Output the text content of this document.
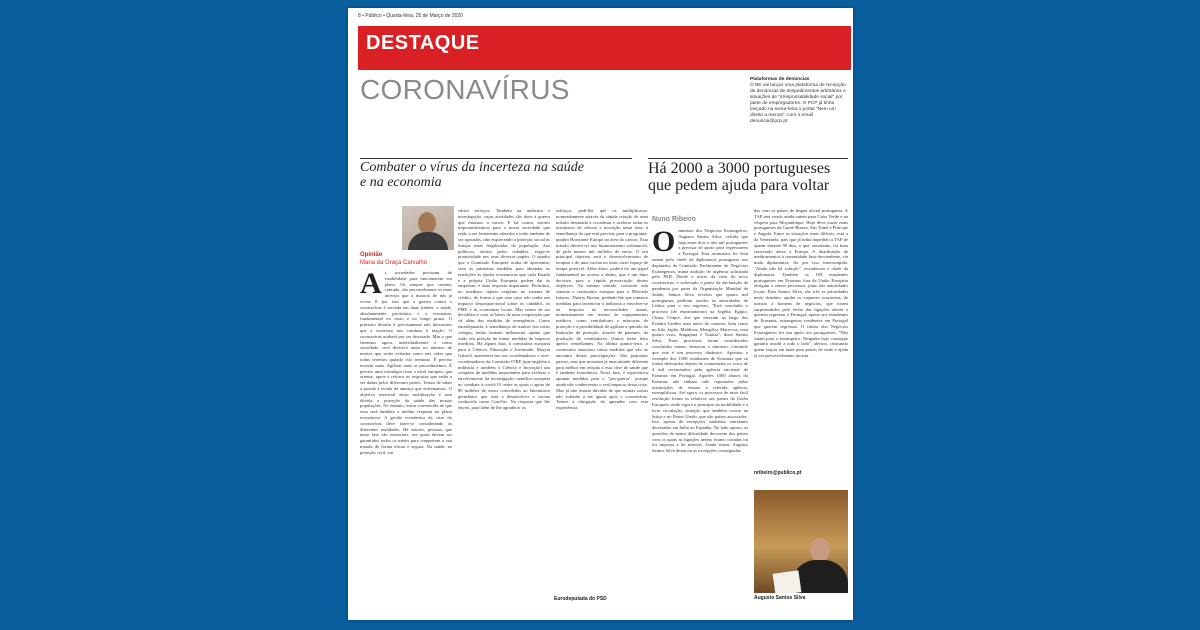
8 • Público • Quarta-feira, 25 de Março de 2020
DESTAQUE
CORONAVÍRUS	Plataformas de denúncias
O BE vai lançar uma plataforma de recepção de denúncias de despedimentos arbitrários e situações de "irresponsabilidade social" por parte de empregadores. O PCP já tinha lançado na sexta-feira o portal "Nem um direito a menos", com o email denuncia@pcp.pt
Combater o vírus da incerteza na saúde e na economia
Há 2000 a 3000 portugueses que pedem ajuda para voltar
Opinião
Maria da Graça Carvalho
As sociedades precisam de estabilidade para funcionarem em pleno. Os tempos que correm, contudo, são provavelmente os mais incertos que a maioria de nós já viveu. E por isso que a guerra contra o coronavírus é travada em duas frentes: a saúde, absolutamente prioritária, e a economia, fundamental no curto e no longo prazo. O primeiro desafio é precisamente não deixarmos que a incerteza nos conduza à inação. O coronavírus acabará por ser derrotado. Mas o que fizermos agora, individualmente e como sociedade, será decisivo tanto no número de mortes que serão evitadas como nas vidas que todos teremos quando isto terminar. É preciso investir mais. Agilizar mais os procedimentos. É preciso uma estratégia clara a nível europeu, que oriente, apoie e reforce as respostas que estão a ser dadas pelos diferentes países. Temos de saber a parada à escala da ameaça que enfrentamos. O objetivo essencial desta mobilização é sem dúvida a proteção da saúde das nossas populações. No entanto, estou convencida de que essa será também a melhor resposta no plano económico. A gestão económica da crise do coronavírus deve fazer-se considerando as diferentes realidades. Há setores, pessoas, que neste fase são essenciais, aos quais devem ser garantidos todos os meios para cumprirem a sua missão de forma eficaz e segura. Na saúde, na proteção civil, em
vários serviços. Também na indústria e investigação, cujas atividades são úteis à guerra que estamos a travar. E há outros setores importantíssimos para a nossa sociedade que estão a ser fortemente afetados e terão também de ser apoiados, não esquecendo a proteção social às franjas mais fragilizadas da população. Aos políticos, eleitos pelos cidadãos, exige-se proatividade nos seus diversos papéis. O quadro que a Comissão Europeia acaba de apresentar, com as primeiras medidas para abrandar as restrições às ajudas económicas que cada Estado e a própria União Europeia podem dar às empresas, é uma resposta importante. Permitirá, no imediato, injetar oxigénio no sistema de crédito, de forma a que esta crise não tenha um impacto desproporcional sobre os cidadãos, às PME e às economias locais. Mas temos de ser decididos e criar as bases de uma cooperação que vá além das medidas de emergência. Como eurodeputada, à semelhança de muitos dos meus colegas, tenho tentado influenciar ajudas que estão em posição de tomar medidas de impacto imediato. Há alguns dias, à comissária europeia para a Ciência, Educação e Juventude, Maryia Gabriel, apresentei-me aos coordenadores e vice-coordenadores da Comissão ITRE (que engloba a indústria e também a Ciência e Inovação) um conjunto de medidas importantes para acelerar o envolvimento da investigação científica europeia no combate à covid-19, entre as quais o apoio de 80 milhões de euros concedidos ao laboratório germânico que está a desenvolver a vacina conhecida como CureVac. Na resposta que lhe enviei, para além de lhe agradecer os
esforços, pedi-lhe que os multiplicasse, nomeadamente através da rápida criação de uma missão destinada a coordenar e acelerar todas as iniciativas de ciência e inovação nesta área, à semelhança do que está previsto para o programa-quadro Horizonte Europa na área do cancro. Esta missão deverá ter um financiamento substancial, de pelo menos mil milhões de euros. O seu principal objetivo será o desenvolvimento de terapias e de uma vacina no mais curto espaço de tempo possível. Além disso, poderá ter um papel fundamental no acesso a dados, que é um fator decisivo para a rápida prossecução destes objetivos. No mesmo sentido, contactei esta semana o comissário europeu para o Mercado Interno, Thierry Breton, pedindo-lhe que tomasse medidas para incentivar a indústria a envolver-se na resposta às necessidades atuais, nomeadamente em termos de equipamentos médicos, como ventiladores e máscaras de proteção e a possibilidade de agilizar a questão da limitação da proteção, através de patentes, da produção de ventiladores. Outros terão feito apelos semelhantes. Na última quinta-feira, o comissário anunciou várias medidas que vão ao encontro destas preocupações. São pequenos passos, mas que mostram já uma atitude diferente para melhor em relação a esta crise de saúde que é também económica. Nesta fase, é expectativa apontar medidas para o "pós-guerra", porque ainda não conhecemos o real impacto desta crise. Mas já não restam dúvidas de que muitas coisas não voltarão a ser iguais após o coronavírus. Temos a obrigação de aprender com esta experiência.
Eurodeputada do PSD
Nuno Ribeiro
Oministro dos Negócios Estrangeiros, Augusto Santos Silva, calcula que haja entre dois e três mil portugueses a precisar de apoio para regressarem a Portugal. Esta estimativa foi feita ontem pelo chefe da diplomacia portuguesa aos deputados da Comissão Parlamentar de Negócios Estrangeiros, numa audição de urgência solicitada pelo PSD. Desde o início da crise do novo coronavírus, e sobretudo a partir da declaração de pandemia por parte da Organização Mundial de Saúde, Santos Silva revelou que quatro mil portugueses pediram auxílio às autoridades de Lisboa para o seu regresso. "Está concluído o processo (de repatriamento) na Argélia, Egipto, China, Chipre, dos que estavam ao largo dos Estados Unidos num navio de cruzeiro, bem como no Irão, Japão, Maldivas, Mongólia, Marrocos, com quatro voos, Singapura e Tunísia", disse Santos Silva. Estes processos foram considerados concluídos ontem, destacou o ministro, vincando que este é um processo dinâmico. Apontou o exemplo dos 1500 estudantes de Erasmus que só foram detectados depois de contactados os cerca de 4 mil recenseados pela agência nacional de Erasmus em Portugal. Aqueles 1000 alunos do Erasmus não tinham sido reportados pelas instituições de ensino à referida agência, exemplificou. Até agora, os processos de mais fácil resolução foram os relativos aos países da União Europeia, onde vigora o princípio da mobilidade e a livre circulação, situação que também ocorre na Suíça e no Reino Unido, que são países associados. Isto, apesar de excepções sanitárias entretanto decretadas em Itália ou Espanha. No lado oposto, as questões de maior dificuldade decorrem dos países com os quais as ligações aéreas foram cortadas ou foi imposta a lei marcial. Ainda assim, Augusto Santos Silva destacou as excepções conseguidas
das com os países de língua oficial portuguesa. A TAP terá voado ainda ontem para Cabo Verde e na véspera para Moçambique. Hoje deve trazer mais portugueses da Guiné-Bissau, São Tomé e Príncipe e Angola. Entre as situações mais difíceis, está a da Venezuela, país que já tinha impedido a TAP de operar durante 90 dias, o que, entretanto, foi bom concessão aérea à Europa. A distribuição de medicamentos à comunidade luso-descendente, via mala diplomática, foi por isso interrompida. "Ainda não há solução", reconheceu o chefe da diplomacia. Também os 109 estudantes portugueses em Erasmus fora da União Europeia obrigam a outros processos, junto das autoridades locais. Para Santos Silva, são três as prioridades neste domínio: ajudar os viajantes ocasionais, de turistas a homens de negócios, que foram surpreendidos pelo fecho das ligações aéreas e querem regressar a Portugal; apoiar aos estudantes de Erasmus; estrangeiros residentes em Portugal que querem regressar. O titular dos Negócios Estrangeiros fez um apelo aos portugueses. "Não saiam para o estrangeiro. Ninguém hoje consegue garantir acudir a todo o lado", alertou, criticando quem viajou em lazer para países de onde a ajuda já era previsivelmente incerta.
nribeiro@publico.pt
Augusto Santos Silva
